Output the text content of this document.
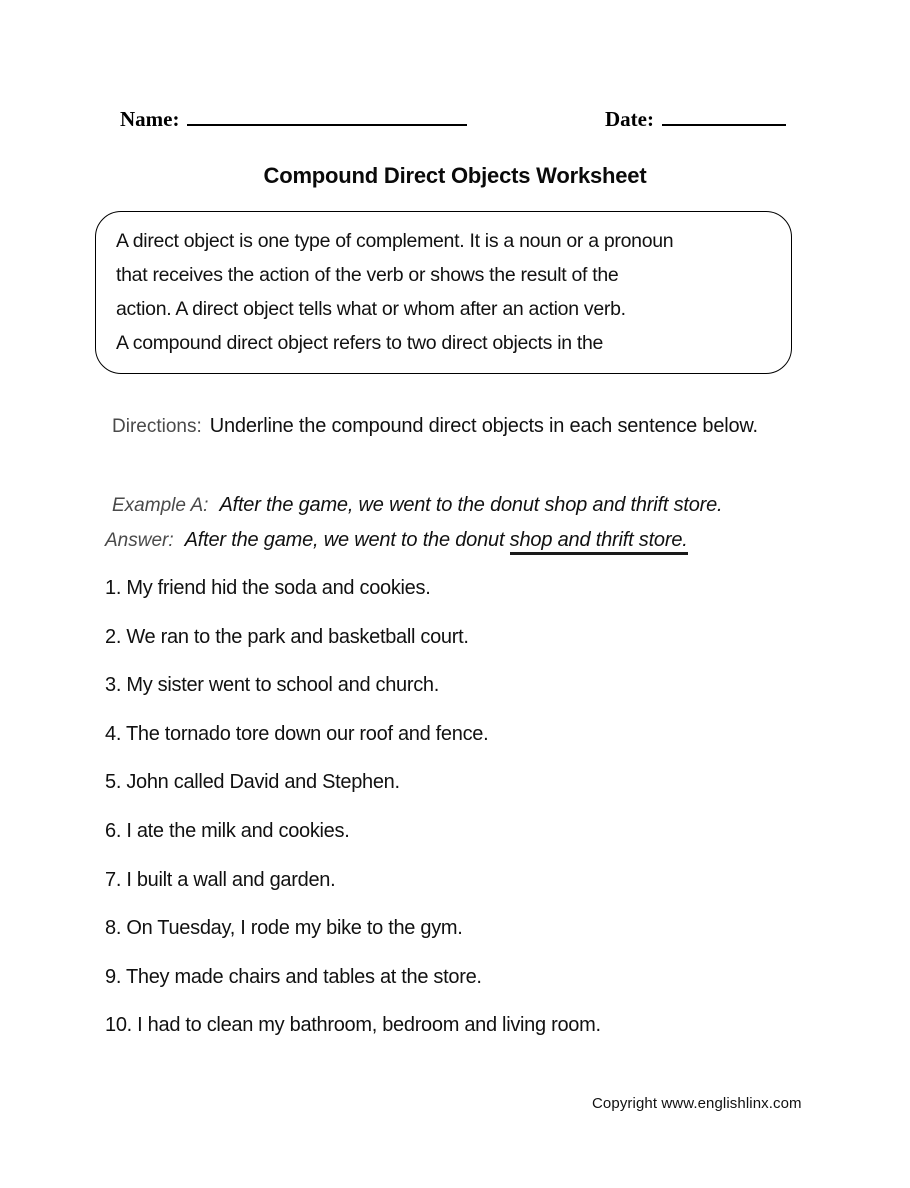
Name:	Date:
Compound Direct Objects Worksheet
A direct object is one type of complement. It is a noun or a pronoun
that receives the action of the verb or shows the result of the
action. A direct object tells what or whom after an action verb.
A compound direct object refers to two direct objects in the
Directions: Underline the compound direct objects in each sentence below.
Example A: After the game, we went to the donut shop and thrift store.
Answer: After the game, we went to the donut shop and thrift store.
1. My friend hid the soda and cookies.
2. We ran to the park and basketball court.
3. My sister went to school and church.
4. The tornado tore down our roof and fence.
5. John called David and Stephen.
6. I ate the milk and cookies.
7. I built a wall and garden.
8. On Tuesday, I rode my bike to the gym.
9. They made chairs and tables at the store.
10. I had to clean my bathroom, bedroom and living room.
Copyright www.englishlinx.com
